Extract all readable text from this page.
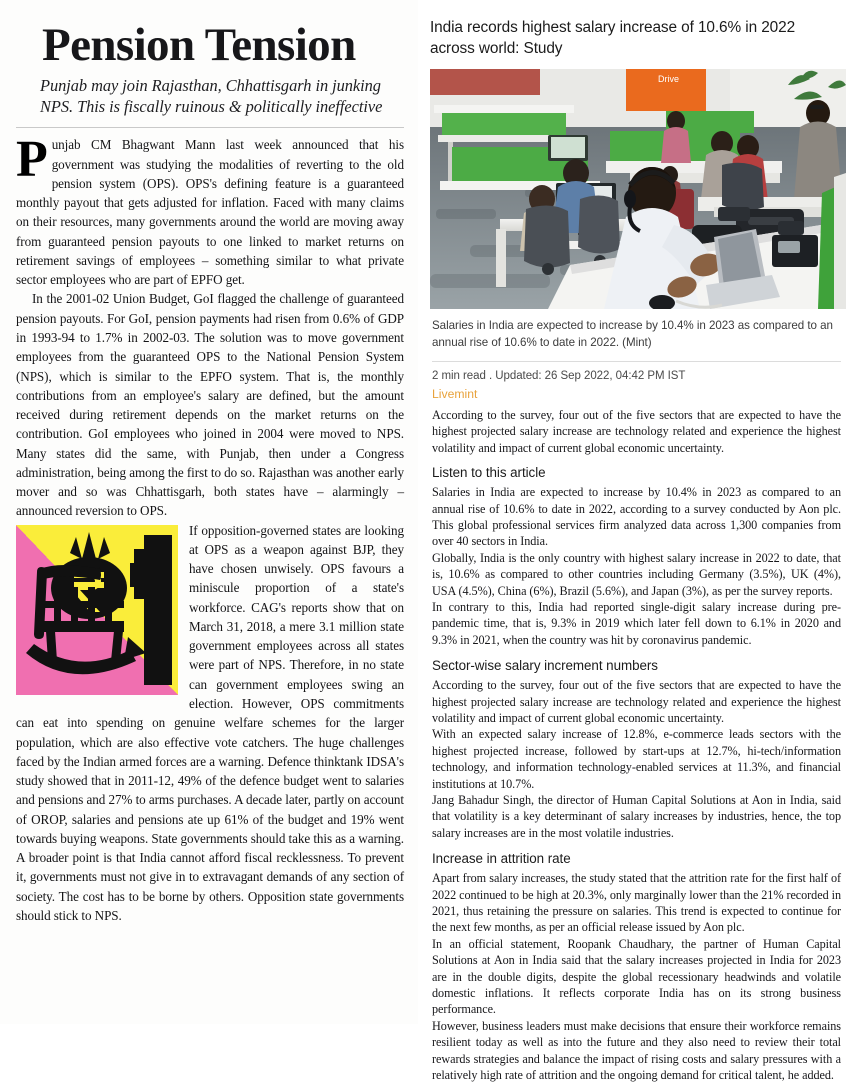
Pension Tension
Punjab may join Rajasthan, Chhattisgarh in junking NPS. This is fiscally ruinous & politically ineffective

Punjab CM Bhagwant Mann last week announced that his government was studying the modalities of reverting to the old pension system (OPS). OPS's defining feature is a guaranteed monthly payout that gets adjusted for inflation. Faced with many claims on their resources, many governments around the world are moving away from guaranteed pension payouts to one linked to market returns on retirement savings of employees – something similar to what private sector employees who are part of EPFO get.

In the 2001-02 Union Budget, GoI flagged the challenge of guaranteed pension payouts. For GoI, pension payments had risen from 0.6% of GDP in 1993-94 to 1.7% in 2002-03. The solution was to move government employees from the guaranteed OPS to the National Pension System (NPS), which is similar to the EPFO system. That is, the monthly contributions from an employee's salary are defined, but the amount received during retirement depends on the market returns on the contribution. GoI employees who joined in 2004 were moved to NPS. Many states did the same, with Punjab, then under a Congress administration, being among the first to do so. Rajasthan was another early mover and so was Chhattisgarh, both states have – alarmingly – announced reversion to OPS.

If opposition-governed states are looking at OPS as a weapon against BJP, they have chosen unwisely. OPS favours a miniscule proportion of a state's workforce. CAG's reports show that on March 31, 2018, a mere 3.1 million state government employees across all states were part of NPS. Therefore, in no state can government employees swing an election. However, OPS commitments can eat into spending on genuine welfare schemes for the larger population, which are also effective vote catchers. The huge challenges faced by the Indian armed forces are a warning. Defence thinktank IDSA's study showed that in 2011-12, 49% of the defence budget went to salaries and pensions and 27% to arms purchases. A decade later, partly on account of OROP, salaries and pensions ate up 61% of the budget and 19% went towards buying weapons. State governments should take this as a warning. A broader point is that India cannot afford fiscal recklessness. To prevent it, governments must not give in to extravagant demands of any section of society. The cost has to be borne by others. Opposition state governments should stick to NPS.

India records highest salary increase of 10.6% in 2022 across world: Study
Drive
Salaries in India are expected to increase by 10.4% in 2023 as compared to an annual rise of 10.6% to date in 2022. (Mint)
2 min read . Updated: 26 Sep 2022, 04:42 PM IST
Livemint
According to the survey, four out of the five sectors that are expected to have the highest projected salary increase are technology related and experience the highest volatility and impact of current global economic uncertainty.
Listen to this article
Salaries in India are expected to increase by 10.4% in 2023 as compared to an annual rise of 10.6% to date in 2022, according to a survey conducted by Aon plc. This global professional services firm analyzed data across 1,300 companies from over 40 sectors in India.
Globally, India is the only country with highest salary increase in 2022 to date, that is, 10.6% as compared to other countries including Germany (3.5%), UK (4%), USA (4.5%), China (6%), Brazil (5.6%), and Japan (3%), as per the survey reports.
In contrary to this, India had reported single-digit salary increase during pre-pandemic time, that is, 9.3% in 2019 which later fell down to 6.1% in 2020 and 9.3% in 2021, when the country was hit by coronavirus pandemic.
Sector-wise salary increment numbers
According to the survey, four out of the five sectors that are expected to have the highest projected salary increase are technology related and experience the highest volatility and impact of current global economic uncertainty.
With an expected salary increase of 12.8%, e-commerce leads sectors with the highest projected increase, followed by start-ups at 12.7%, hi-tech/information technology, and information technology-enabled services at 11.3%, and financial institutions at 10.7%.
Jang Bahadur Singh, the director of Human Capital Solutions at Aon in India, said that volatility is a key determinant of salary increases by industries, hence, the top salary increases are in the most volatile industries.
Increase in attrition rate
Apart from salary increases, the study stated that the attrition rate for the first half of 2022 continued to be high at 20.3%, only marginally lower than the 21% recorded in 2021, thus retaining the pressure on salaries. This trend is expected to continue for the next few months, as per an official release issued by Aon plc.
In an official statement, Roopank Chaudhary, the partner of Human Capital Solutions at Aon in India said that the salary increases projected in India for 2023 are in the double digits, despite the global recessionary headwinds and volatile domestic inflations. It reflects corporate India has on its strong business performance.
However, business leaders must make decisions that ensure their workforce remains resilient today as well as into the future and they also need to review their total rewards strategies and balance the impact of rising costs and salary pressures with a relatively high rate of attrition and the ongoing demand for critical talent, he added.
